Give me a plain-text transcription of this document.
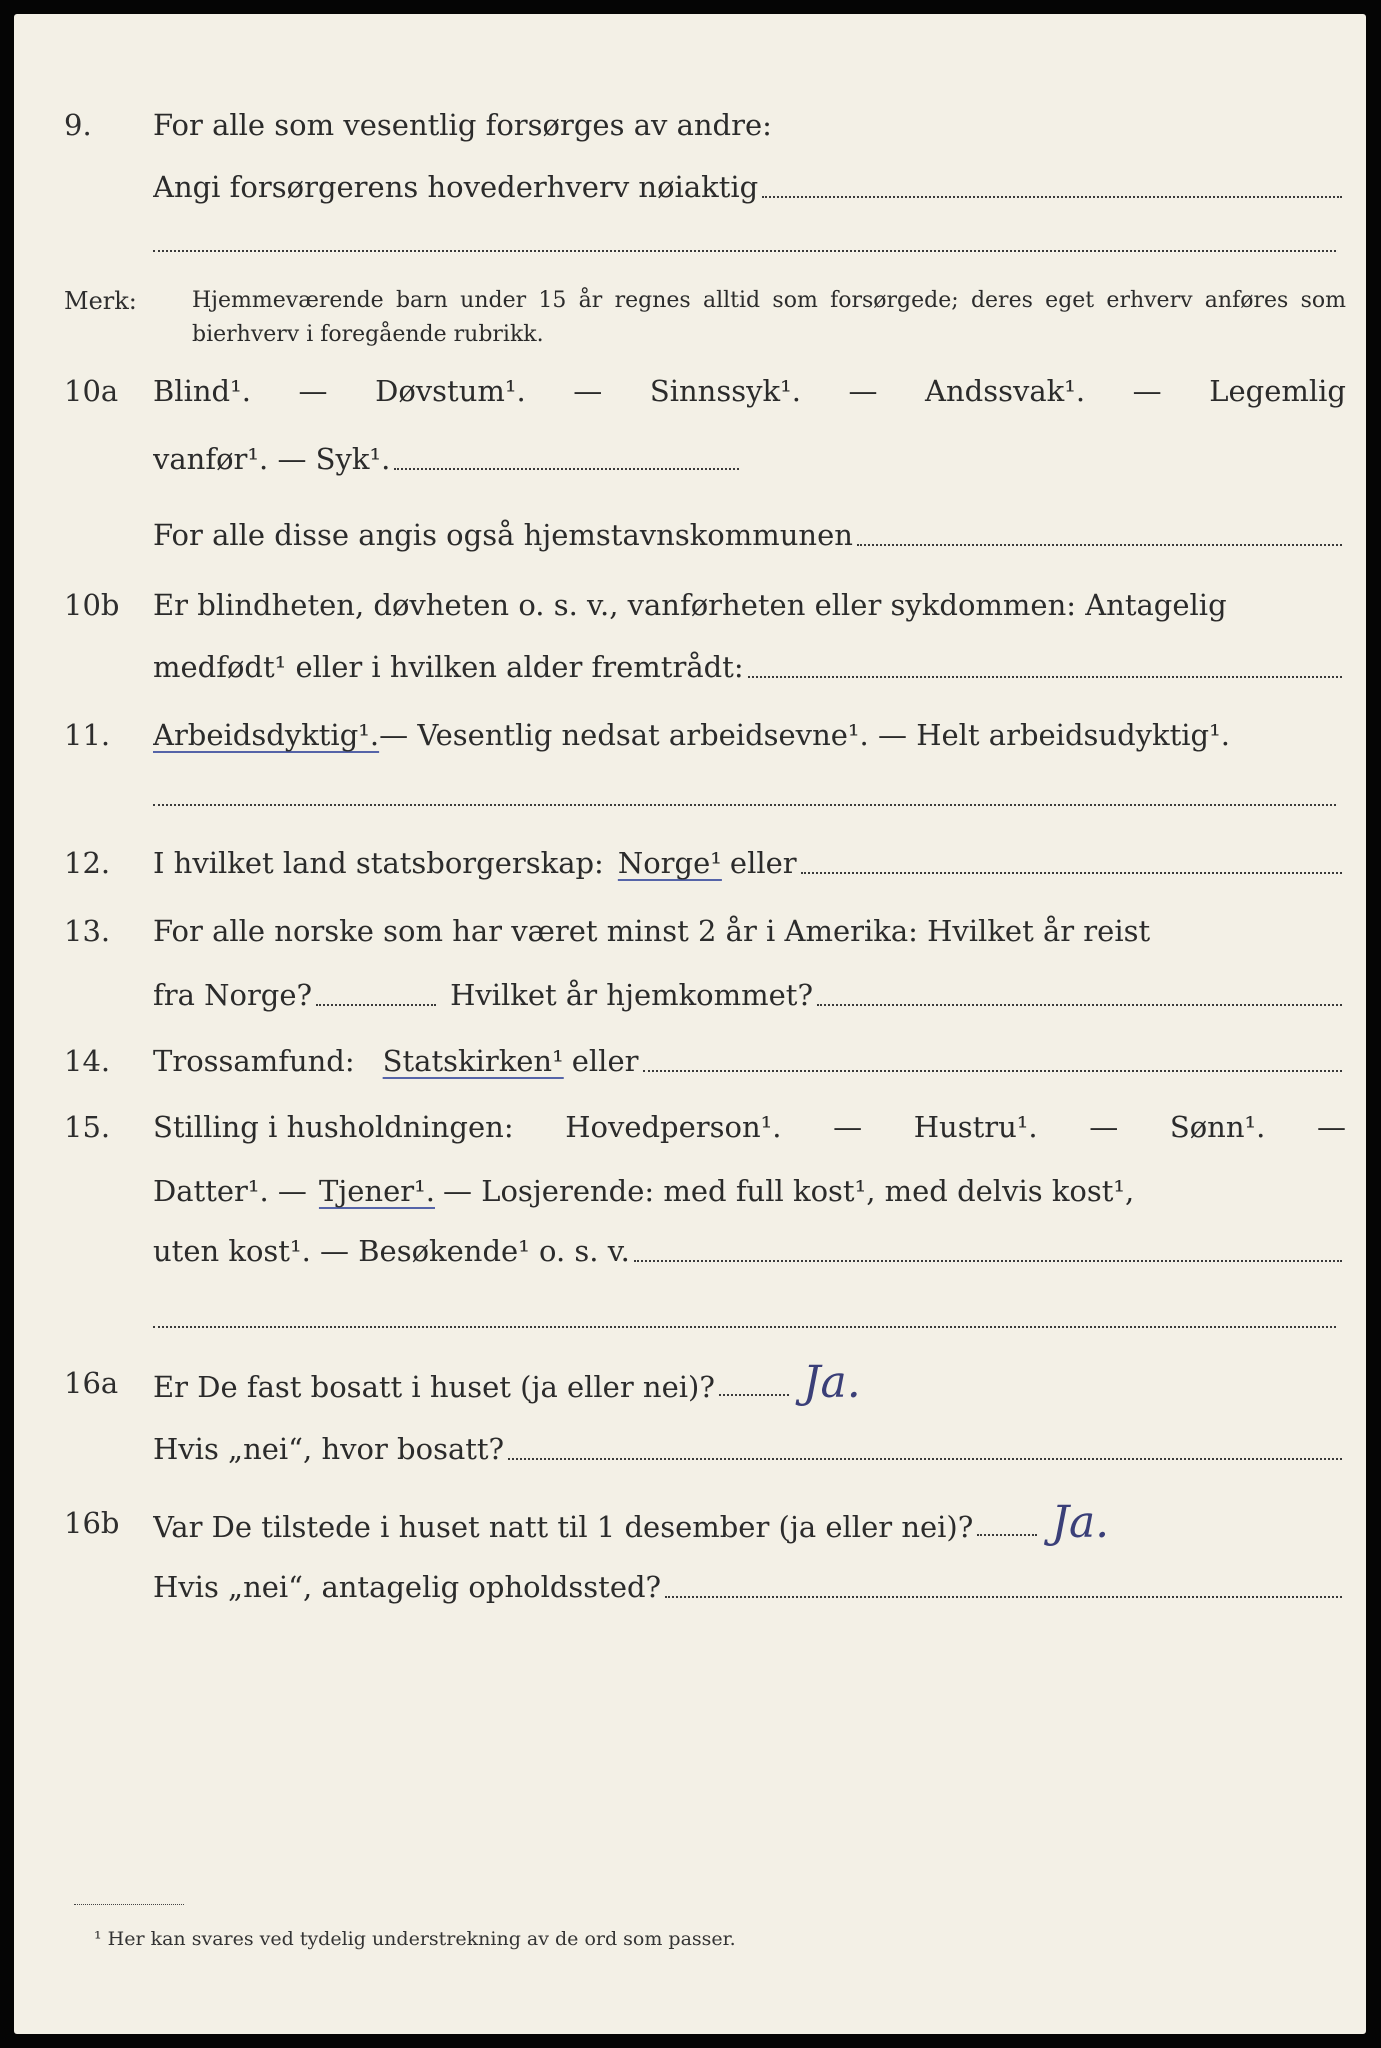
9. For alle som vesentlig forsørges av andre:
Angi forsørgerens hovederhverv nøiaktig
Merk:	Hjemmeværende barn under 15 år regnes alltid som forsørgede; deres eget erhverv anføres som bierhverv i foregående rubrikk.
10a Blind¹. — Døvstum¹. — Sinnssyk¹. — Andssvak¹. — Legemlig
vanfør¹. — Syk¹.
For alle disse angis også hjemstavnskommunen
10b Er blindheten, døvheten o. s. v., vanførheten eller sykdommen: Antagelig
medfødt¹ eller i hvilken alder fremtrådt:
11. Arbeidsdyktig¹. — Vesentlig nedsat arbeidsevne¹. — Helt arbeidsudyktig¹.
12. I hvilket land statsborgerskap: Norge¹ eller
13. For alle norske som har været minst 2 år i Amerika: Hvilket år reist
fra Norge?	Hvilket år hjemkommet?
14. Trossamfund: Statskirken¹ eller
15. Stilling i husholdningen: Hovedperson¹. — Hustru¹. — Sønn¹. —
Datter¹. — Tjener¹. — Losjerende: med full kost¹, med delvis kost¹,
uten kost¹. — Besøkende¹ o. s. v.
16a Er De fast bosatt i huset (ja eller nei)? Ja.
Hvis „nei“, hvor bosatt?
16b Var De tilstede i huset natt til 1 desember (ja eller nei)? Ja.
Hvis „nei“, antagelig opholdssted?
¹ Her kan svares ved tydelig understrekning av de ord som passer.
